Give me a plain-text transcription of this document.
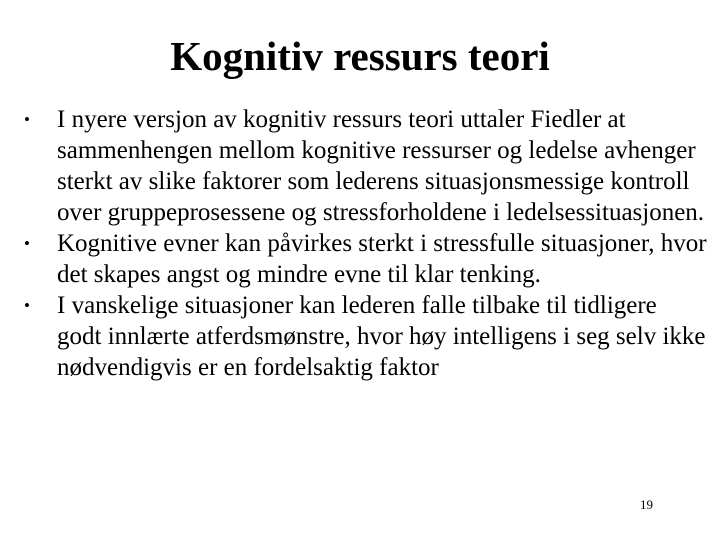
Kognitiv ressurs teori
•	I nyere versjon av kognitiv ressurs teori uttaler Fiedler at sammenhengen mellom kognitive ressurser og ledelse avhenger sterkt av slike faktorer som lederens situasjonsmessige kontroll over gruppeprosessene og stressforholdene i ledelsessituasjonen.
•	Kognitive evner kan påvirkes sterkt i stressfulle situasjoner, hvor det skapes angst og mindre evne til klar tenking.
•	I vanskelige situasjoner kan lederen falle tilbake til tidligere godt innlærte atferdsmønstre, hvor høy intelligens i seg selv ikke nødvendigvis er en fordelsaktig faktor
19
